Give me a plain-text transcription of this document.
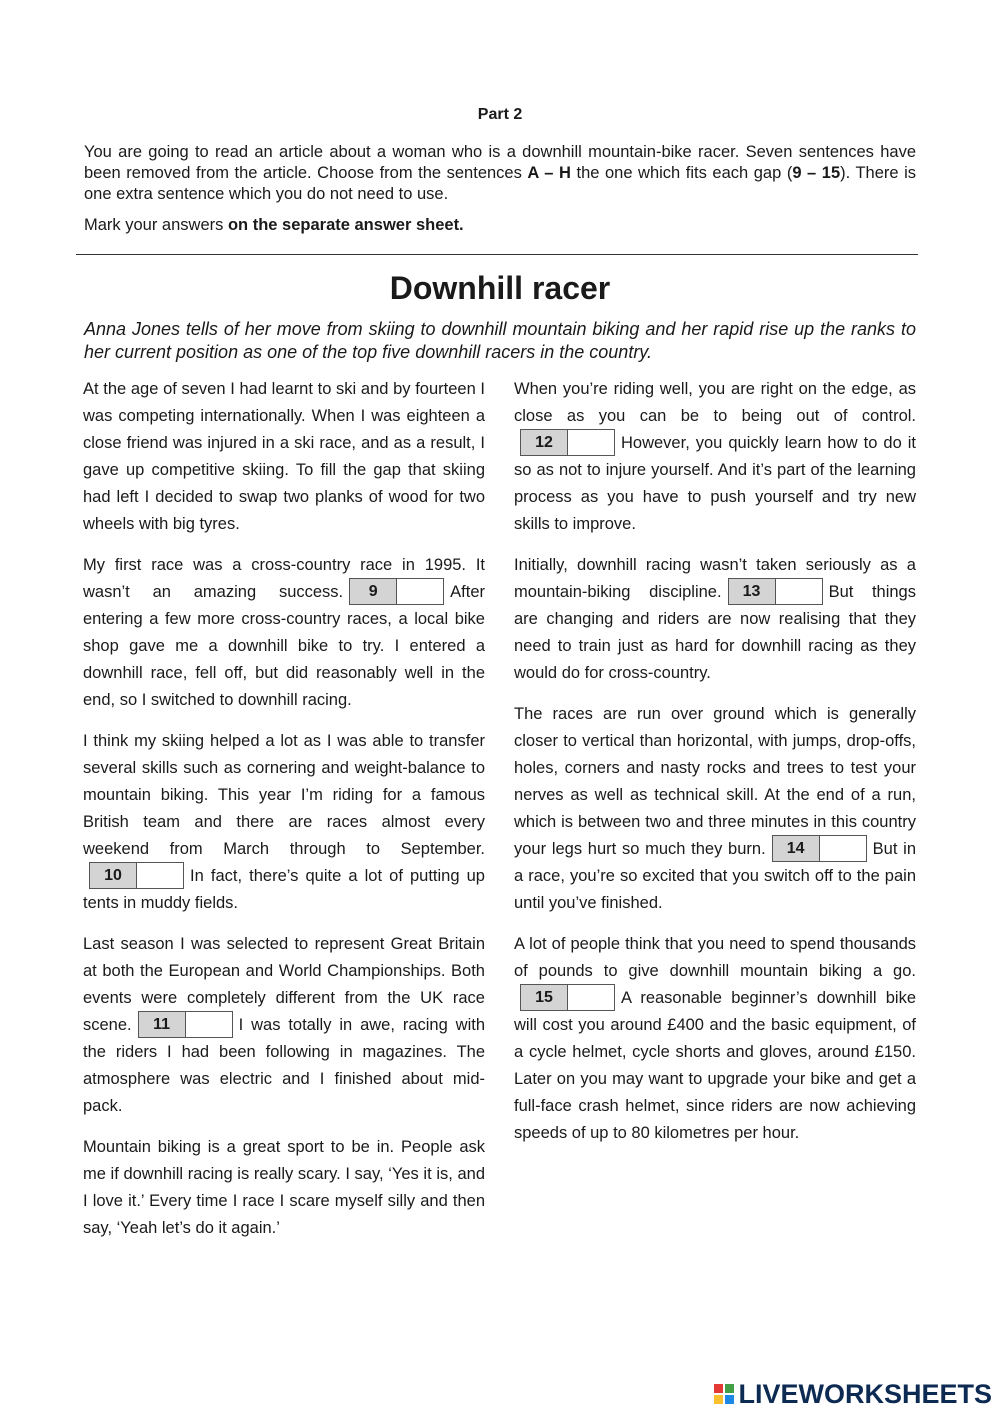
Part 2

You are going to read an article about a woman who is a downhill mountain-bike racer. Seven sentences have been removed from the article. Choose from the sentences A – H the one which fits each gap (9 – 15). There is one extra sentence which you do not need to use.

Mark your answers on the separate answer sheet.

Downhill racer
Anna Jones tells of her move from skiing to downhill mountain biking and her rapid rise up the ranks to her current position as one of the top five downhill racers in the country.

At the age of seven I had learnt to ski and by fourteen I was competing internationally. When I was eighteen a close friend was injured in a ski race, and as a result, I gave up competitive skiing. To fill the gap that skiing had left I decided to swap two planks of wood for two wheels with big tyres.

My first race was a cross-country race in 1995. It wasn’t an amazing success.	9	After entering a few more cross-country races, a local bike shop gave me a downhill bike to try. I entered a downhill race, fell off, but did reasonably well in the end, so I switched to downhill racing.

I think my skiing helped a lot as I was able to transfer several skills such as cornering and weight-balance to mountain biking. This year I’m riding for a famous British team and there are races almost every weekend from March through to September.
10	In fact, there’s quite a lot of putting up tents in muddy fields.

Last season I was selected to represent Great Britain at both the European and World Championships. Both events were completely different from the UK race scene.	11	I was totally in awe, racing with the riders I had been following in magazines. The atmosphere was electric and I finished about mid-pack.

Mountain biking is a great sport to be in. People ask me if downhill racing is really scary. I say, ‘Yes it is, and I love it.’ Every time I race I scare myself silly and then say, ‘Yeah let’s do it again.’

When you’re riding well, you are right on the edge, as close as you can be to being out of control.
12	However, you quickly learn how to do it so as not to injure yourself. And it’s part of the learning process as you have to push yourself and try new skills to improve.

Initially, downhill racing wasn’t taken seriously as a mountain-biking discipline.	13	But things are changing and riders are now realising that they need to train just as hard for downhill racing as they would do for cross-country.

The races are run over ground which is generally closer to vertical than horizontal, with jumps, drop-offs, holes, corners and nasty rocks and trees to test your nerves as well as technical skill. At the end of a run, which is between two and three minutes in this country your legs hurt so much they burn.	14	But in a race, you’re so excited that you switch off to the pain until you’ve finished.

A lot of people think that you need to spend thousands of pounds to give downhill mountain biking a go.
15	A reasonable beginner’s downhill bike will cost you around £400 and the basic equipment, of a cycle helmet, cycle shorts and gloves, around £150. Later on you may want to upgrade your bike and get a full-face crash helmet, since riders are now achieving speeds of up to 80 kilometres per hour.

LIVEWORKSHEETS
